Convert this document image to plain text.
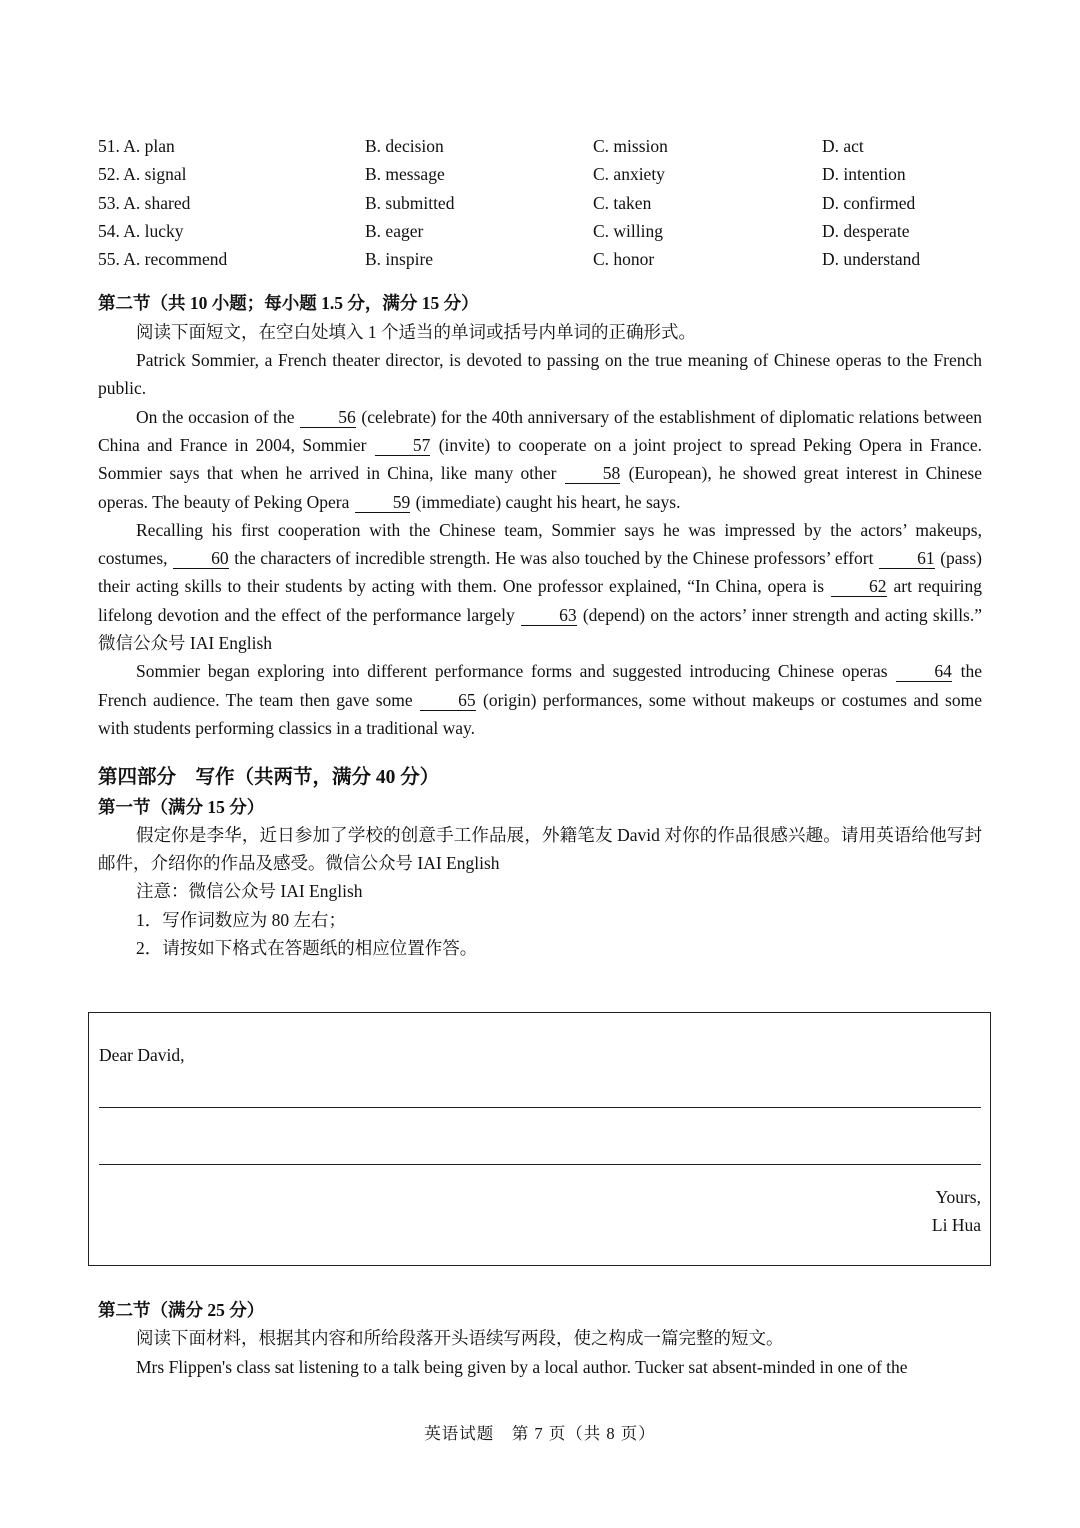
51. A. plan	B. decision	C. mission	D. act
52. A. signal	B. message	C. anxiety	D. intention
53. A. shared	B. submitted	C. taken	D. confirmed
54. A. lucky	B. eager	C. willing	D. desperate
55. A. recommend	B. inspire	C. honor	D. understand
第二节（共 10 小题；每小题 1.5 分，满分 15 分）
阅读下面短文，在空白处填入 1 个适当的单词或括号内单词的正确形式。

Patrick Sommier, a French theater director, is devoted to passing on the true meaning of Chinese operas to the French public.

On the occasion of the 56 (celebrate) for the 40th anniversary of the establishment of diplomatic relations between China and France in 2004, Sommier	57 (invite) to cooperate on a joint project to spread Peking Opera in France. Sommier says that when he arrived in China, like many other	58 (European), he showed great interest in Chinese operas. The beauty of Peking Opera 59 (immediate) caught his heart, he says.

Recalling his first cooperation with the Chinese team, Sommier says he was impressed by the actors’ makeups, costumes, 60 the characters of incredible strength. He was also touched by the Chinese professors’ effort 61 (pass) their acting skills to their students by acting with them. One professor explained, “In China, opera is	62 art requiring lifelong devotion and the effect of the performance largely	63 (depend) on the actors’ inner strength and acting skills.” 微信公众号 IAI English

Sommier began exploring into different performance forms and suggested introducing Chinese operas	64 the French audience. The team then gave some	65 (origin) performances, some without makeups or costumes and some with students performing classics in a traditional way.

第四部分　写作（共两节，满分 40 分）
第一节（满分 15 分）

假定你是李华，近日参加了学校的创意手工作品展，外籍笔友 David 对你的作品很感兴趣。请用英语给他写封邮件，介绍你的作品及感受。微信公众号 IAI English

注意：微信公众号 IAI English
1．写作词数应为 80 左右；
2．请按如下格式在答题纸的相应位置作答。
Dear David,
Yours,
Li Hua
第二节（满分 25 分）
阅读下面材料，根据其内容和所给段落开头语续写两段，使之构成一篇完整的短文。
Mrs Flippen's class sat listening to a talk being given by a local author. Tucker sat absent-minded in one of the
英语试题　第 7 页（共 8 页）
